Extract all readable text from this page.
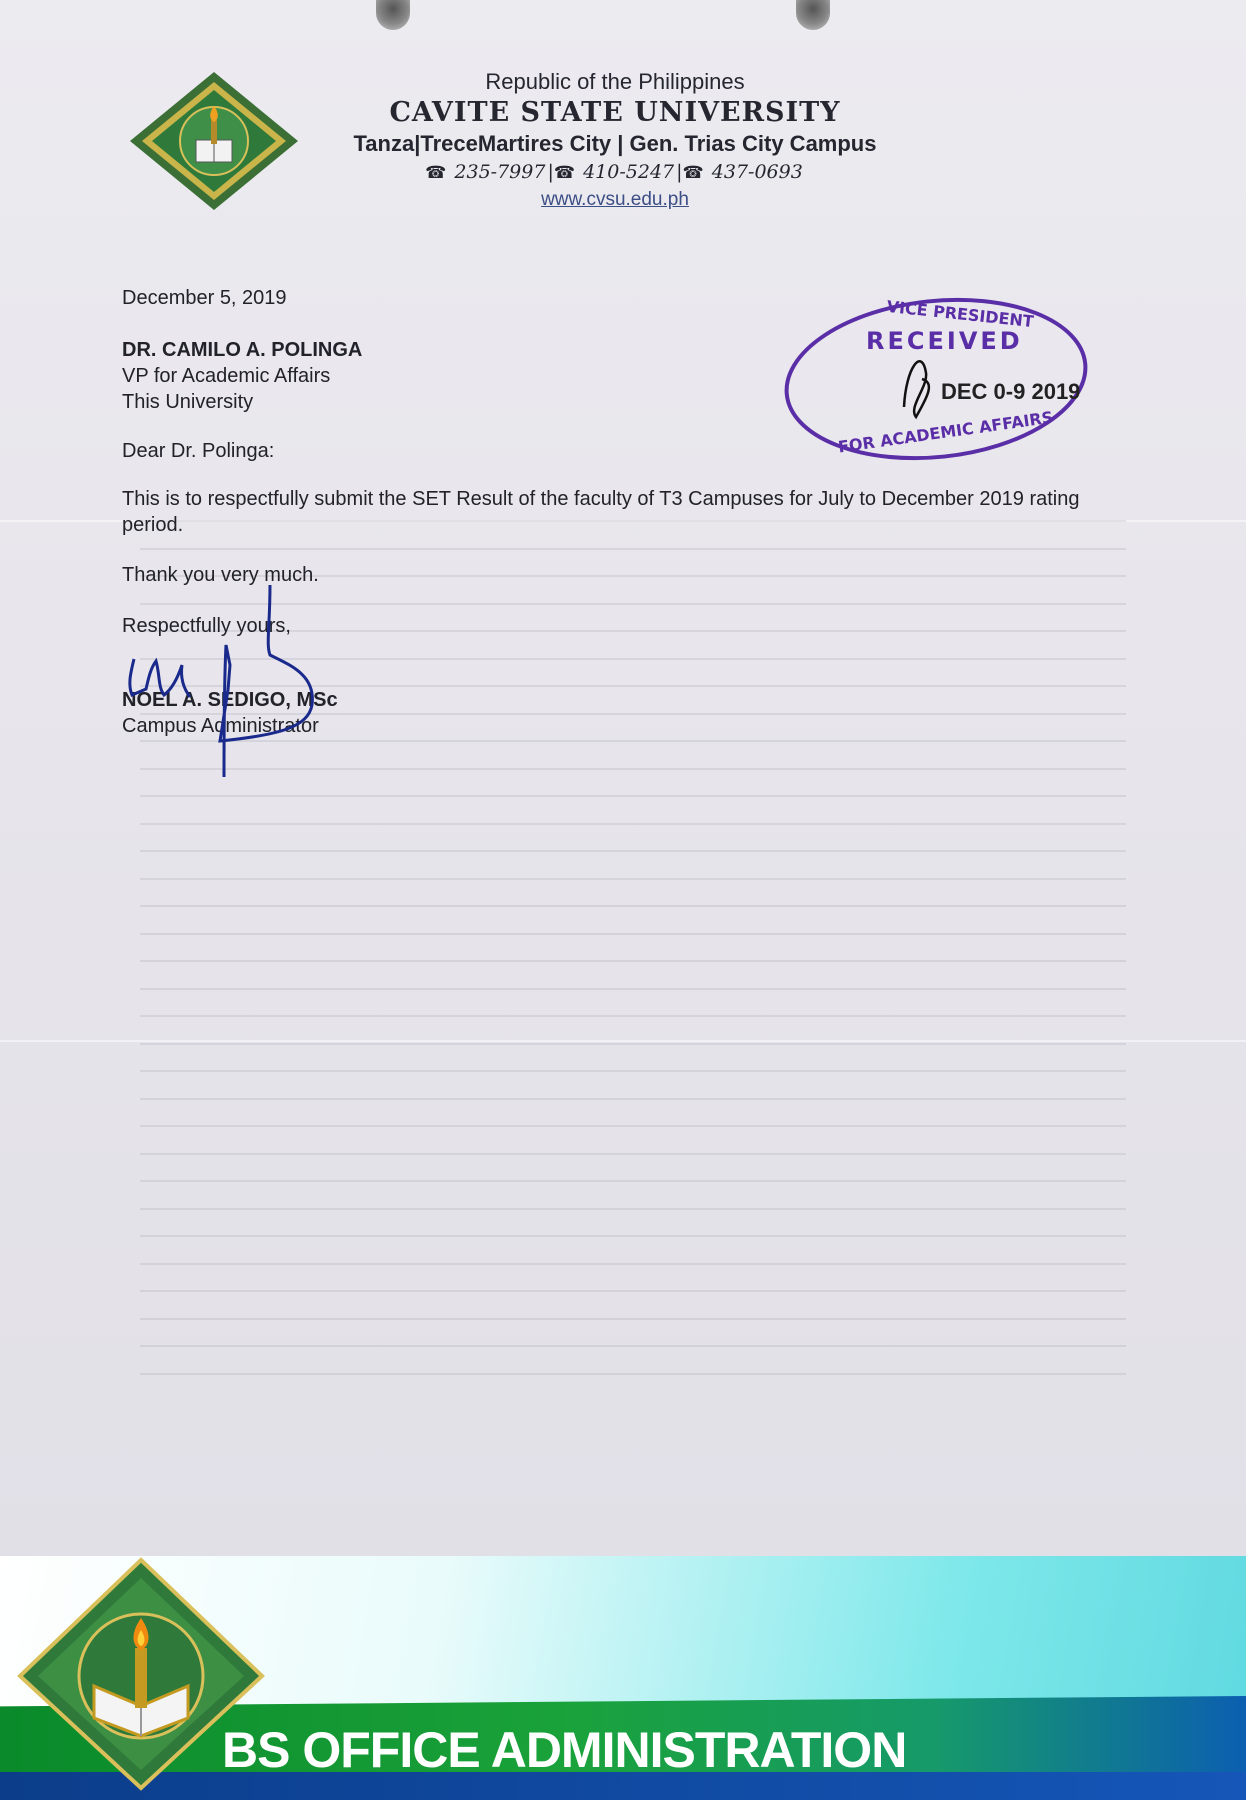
Republic of the Philippines
CAVITE STATE UNIVERSITY
Tanza|TreceMartires City | Gen. Trias City Campus
☎ 235-7997 |☎ 410-5247 |☎ 437-0693
www.cvsu.edu.ph
December 5, 2019
DR. CAMILO A. POLINGA
VP for Academic Affairs
This University
Dear Dr. Polinga:
This is to respectfully submit the SET Result of the faculty of T3 Campuses for July to December 2019 rating period.
Thank you very much.
Respectfully yours,
NOEL A. SEDIGO, MSc
Campus Administrator
VICE PRESIDENT
RECEIVED
DEC 0-9 2019
FOR ACADEMIC AFFAIRS
BS OFFICE ADMINISTRATION
